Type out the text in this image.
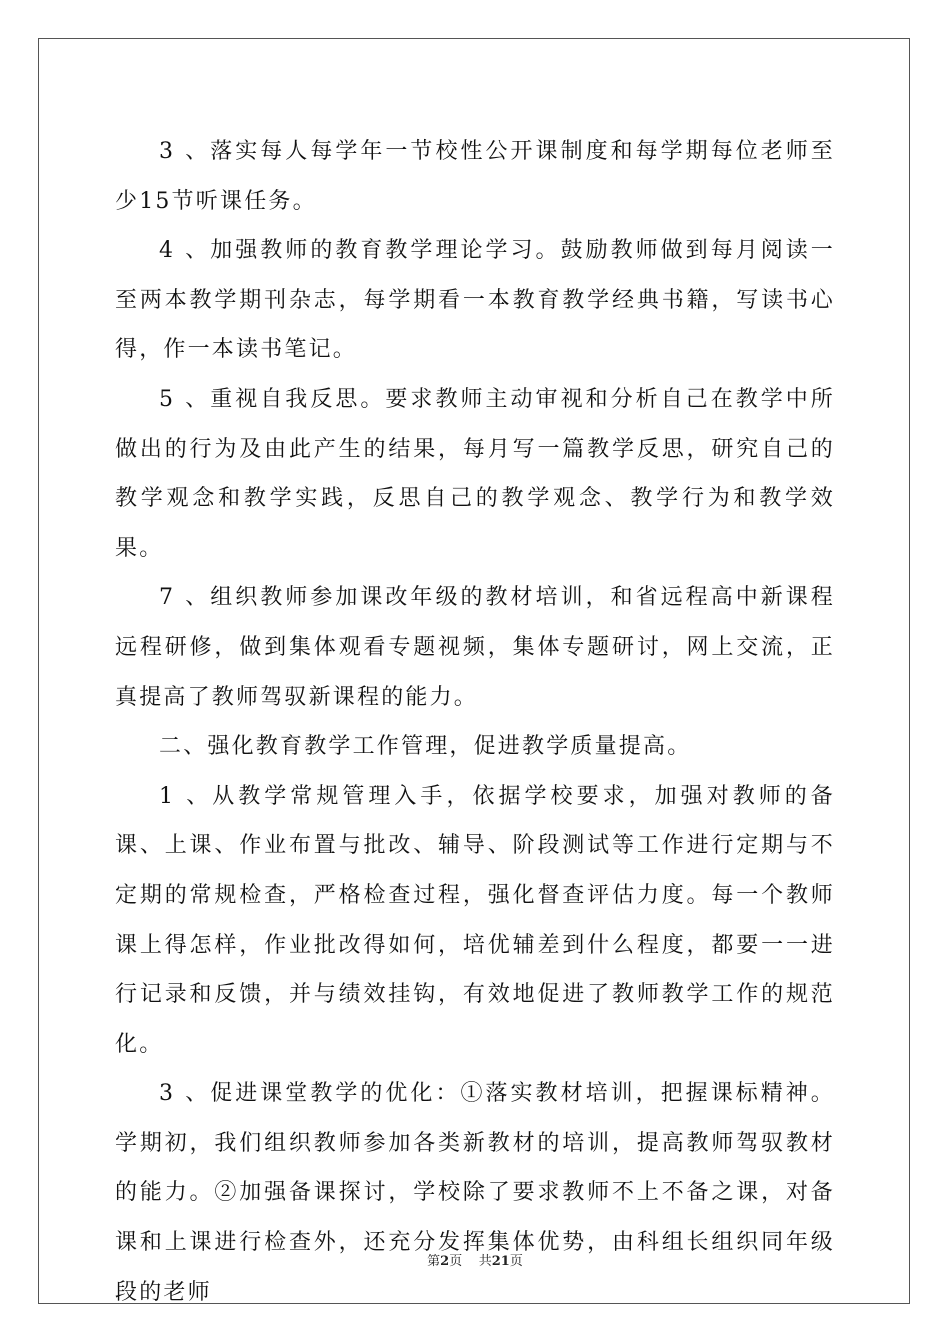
3 、落实每人每学年一节校性公开课制度和每学期每位老师至少15节听课任务。

4 、加强教师的教育教学理论学习。鼓励教师做到每月阅读一至两本教学期刊杂志，每学期看一本教育教学经典书籍，写读书心得，作一本读书笔记。

5 、重视自我反思。要求教师主动审视和分析自己在教学中所做出的行为及由此产生的结果，每月写一篇教学反思，研究自己的教学观念和教学实践，反思自己的教学观念、教学行为和教学效果。

7 、组织教师参加课改年级的教材培训，和省远程高中新课程远程研修，做到集体观看专题视频，集体专题研讨，网上交流，正真提高了教师驾驭新课程的能力。

二、强化教育教学工作管理，促进教学质量提高。

1 、从教学常规管理入手，依据学校要求，加强对教师的备课、上课、作业布置与批改、辅导、阶段测试等工作进行定期与不定期的常规检查，严格检查过程，强化督查评估力度。每一个教师课上得怎样，作业批改得如何，培优辅差到什么程度，都要一一进行记录和反馈，并与绩效挂钩，有效地促进了教师教学工作的规范化。

3 、促进课堂教学的优化：①落实教材培训，把握课标精神。学期初，我们组织教师参加各类新教材的培训，提高教师驾驭教材的能力。②加强备课探讨，学校除了要求教师不上不备之课，对备课和上课进行检查外，还充分发挥集体优势，由科组长组织同年级段的老师

第2页 共21页
